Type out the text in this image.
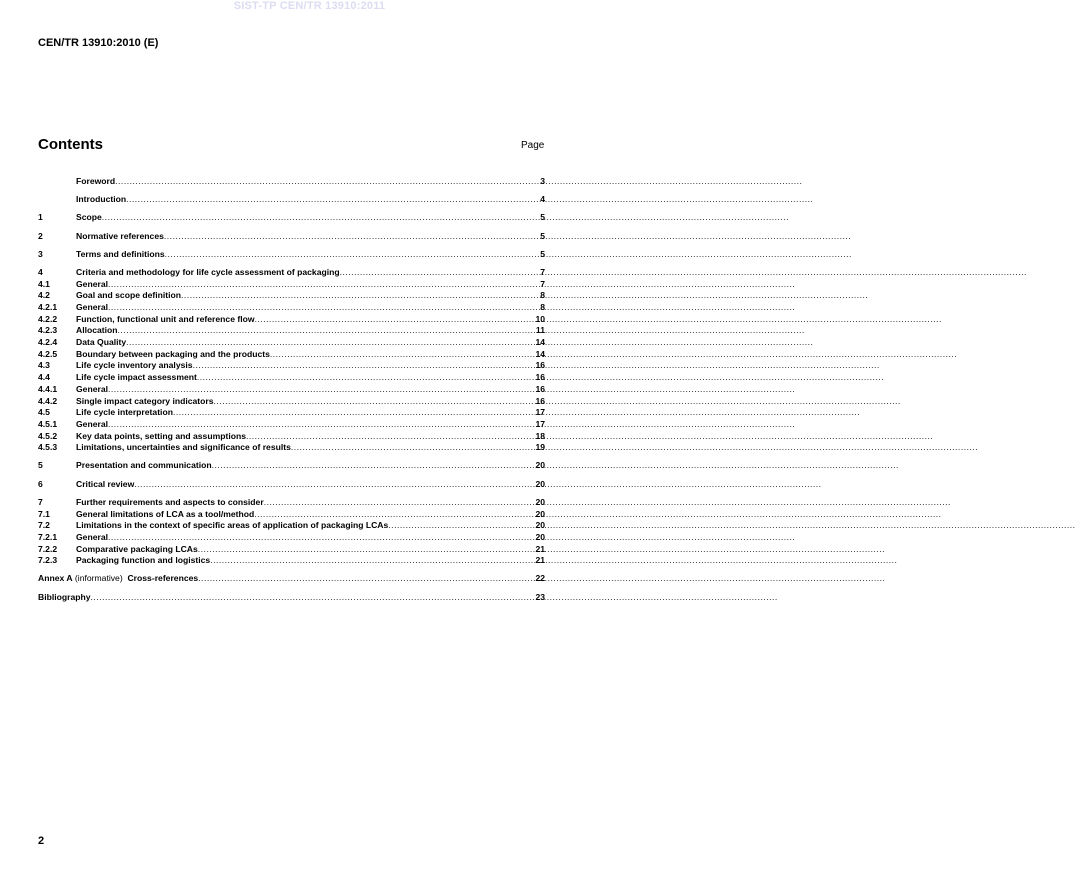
SIST-TP CEN/TR 13910:2011
CEN/TR 13910:2010 (E)
Contents	Page
Foreword .....	3
Introduction .....	4
1	Scope .....	5
2	Normative references .....	5
3	Terms and definitions .....	5
4	Criteria and methodology for life cycle assessment of packaging .....	7
4.1	General .....	7
4.2	Goal and scope definition .....	8
4.2.1	General .....	8
4.2.2	Function, functional unit and reference flow .....	10
4.2.3	Allocation .....	11
4.2.4	Data Quality .....	14
4.2.5	Boundary between packaging and the products .....	14
4.3	Life cycle inventory analysis .....	16
4.4	Life cycle impact assessment .....	16
4.4.1	General .....	16
4.4.2	Single impact category indicators .....	16
4.5	Life cycle interpretation .....	17
4.5.1	General .....	17
4.5.2	Key data points, setting and assumptions .....	18
4.5.3	Limitations, uncertainties and significance of results .....	19
5	Presentation and communication .....	20
6	Critical review .....	20
7	Further requirements and aspects to consider .....	20
7.1	General limitations of LCA as a tool/method .....	20
7.2	Limitations in the context of specific areas of application of packaging LCAs .....	20
7.2.1	General .....	20
7.2.2	Comparative packaging LCAs .....	21
7.2.3	Packaging function and logistics .....	21
Annex A (informative)  Cross-references .....	22
Bibliography .....	23
2
